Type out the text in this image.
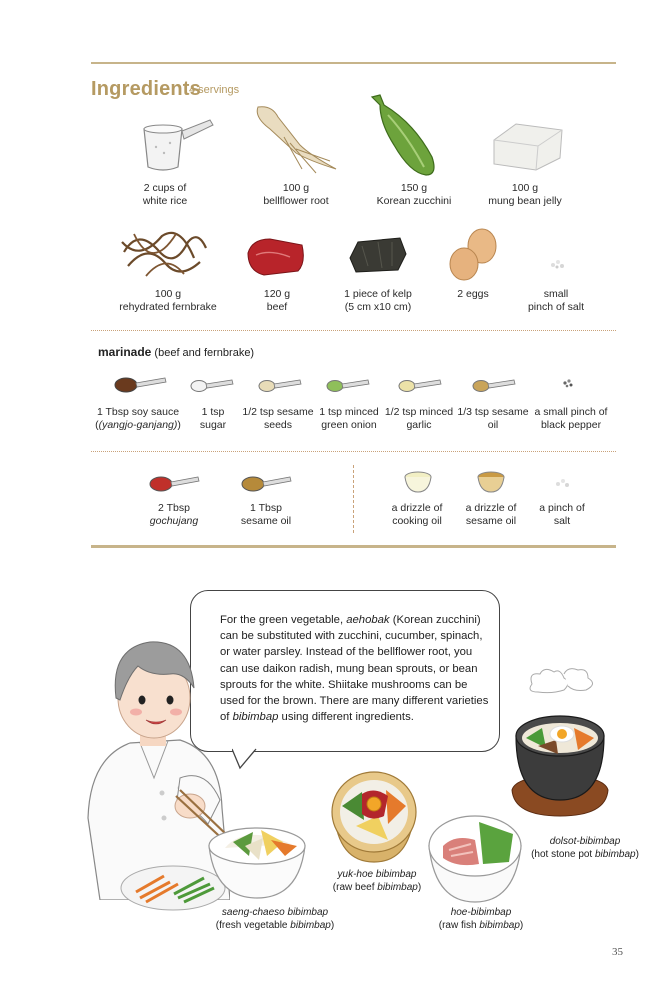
Ingredients
4 servings
2 cups of
white rice
100 g
bellflower root
150 g
Korean zucchini
100 g
mung bean jelly
100 g
rehydrated fernbrake
120 g
beef
1 piece of kelp
(5 cm x10 cm)
2 eggs	small
pinch of salt
marinade (beef and fernbrake)
1 Tbsp soy sauce
((yangjo-ganjang))
1 tsp
sugar
1/2 tsp sesame
seeds
1 tsp minced
green onion
1/2 tsp minced
garlic
1/3 tsp sesame
oil
a small pinch of
black pepper
2 Tbsp
gochujang
1 Tbsp
sesame oil
a drizzle of
cooking oil
a drizzle of
sesame oil
a pinch of
salt
For the green vegetable, aehobak (Korean zucchini) can be substituted with zucchini, cucumber, spinach, or water parsley. Instead of the bellflower root, you can use daikon radish, mung bean sprouts, or bean sprouts for the white. Shiitake mushrooms can be used for the brown. There are many different varieties of bibimbap using different ingredients.
saeng-chaeso bibimbap
(fresh vegetable bibimbap)
yuk-hoe bibimbap
(raw beef bibimbap)
hoe-bibimbap
(raw fish bibimbap)
dolsot-bibimbap
(hot stone pot bibimbap)
35
